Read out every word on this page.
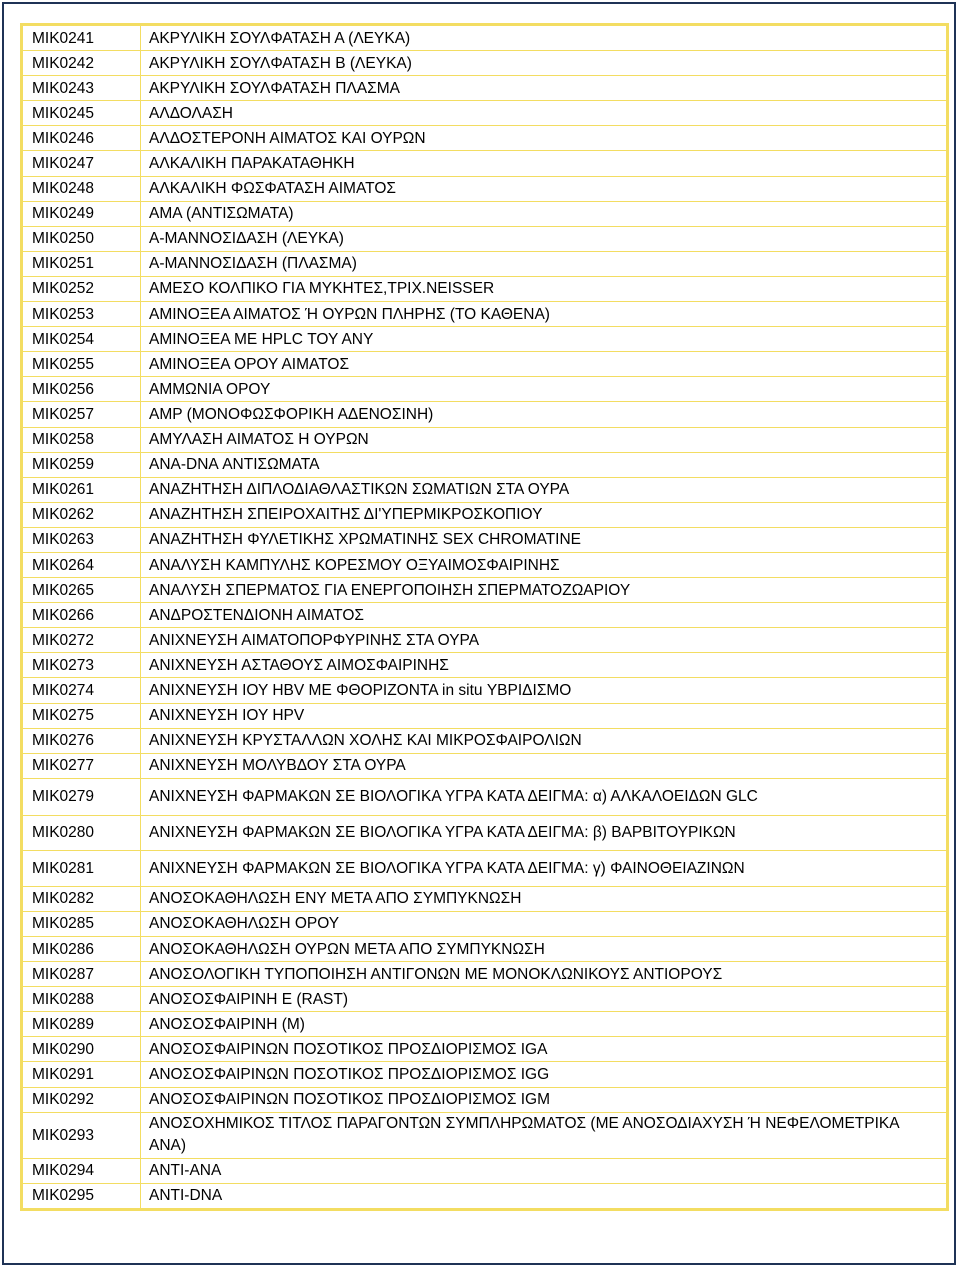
MIK0241	ΑΚΡΥΛΙΚΗ ΣΟΥΛΦΑΤΑΣΗ Α (ΛΕΥΚΑ)
MIK0242	ΑΚΡΥΛΙΚΗ ΣΟΥΛΦΑΤΑΣΗ Β (ΛΕΥΚΑ)
MIK0243	ΑΚΡΥΛΙΚΗ ΣΟΥΛΦΑΤΑΣΗ ΠΛΑΣΜΑ
MIK0245	ΑΛΔΟΛΑΣΗ
MIK0246	ΑΛΔΟΣΤΕΡΟΝΗ ΑΙΜΑΤΟΣ ΚΑΙ ΟΥΡΩΝ
MIK0247	ΑΛΚΑΛΙΚΗ ΠΑΡΑΚΑΤΑΘΗΚΗ
MIK0248	ΑΛΚΑΛΙΚΗ ΦΩΣΦΑΤΑΣΗ ΑΙΜΑΤΟΣ
MIK0249	ΑΜΑ (ΑΝΤΙΣΩΜΑΤΑ)
MIK0250	Α-ΜΑΝΝΟΣΙΔΑΣΗ (ΛΕΥΚΑ)
MIK0251	Α-ΜΑΝΝΟΣΙΔΑΣΗ (ΠΛΑΣΜΑ)
MIK0252	ΑΜΕΣΟ ΚΟΛΠΙΚΟ ΓΙΑ ΜΥΚΗΤΕΣ,ΤΡΙΧ.NEISSER
MIK0253	ΑΜΙΝΟΞΕΑ ΑΙΜΑΤΟΣ Ή ΟΥΡΩΝ ΠΛΗΡΗΣ (ΤΟ ΚΑΘΕΝΑ)
MIK0254	ΑΜΙΝΟΞΕΑ ΜΕ HPLC ΤΟΥ ΑΝΥ
MIK0255	ΑΜΙΝΟΞΕΑ ΟΡΟΥ ΑΙΜΑΤΟΣ
MIK0256	ΑΜΜΩΝΙΑ ΟΡΟΥ
MIK0257	AMP (ΜΟΝΟΦΩΣΦΟΡΙΚΗ ΑΔΕΝΟΣΙΝΗ)
MIK0258	ΑΜΥΛΑΣΗ ΑΙΜΑΤΟΣ Η ΟΥΡΩΝ
MIK0259	ΑΝΑ-DNA ΑΝΤΙΣΩΜΑΤΑ
MIK0261	ΑΝΑΖΗΤΗΣΗ ΔΙΠΛΟΔΙΑΘΛΑΣΤΙΚΩΝ ΣΩΜΑΤΙΩΝ ΣΤΑ ΟΥΡΑ
MIK0262	ΑΝΑΖΗΤΗΣΗ ΣΠΕΙΡΟΧΑΙΤΗΣ ΔΙ'ΥΠΕΡΜΙΚΡΟΣΚΟΠΙΟΥ
MIK0263	ΑΝΑΖΗΤΗΣΗ ΦΥΛΕΤΙΚΗΣ ΧΡΩΜΑΤΙΝΗΣ SEX CHROMATINE
MIK0264	ΑΝΑΛΥΣΗ ΚΑΜΠΥΛΗΣ ΚΟΡΕΣΜΟΥ ΟΞΥΑΙΜΟΣΦΑΙΡΙΝΗΣ
MIK0265	ΑΝΑΛΥΣΗ ΣΠΕΡΜΑΤΟΣ ΓΙΑ ΕΝΕΡΓΟΠΟΙΗΣΗ ΣΠΕΡΜΑΤΟΖΩΑΡΙΟΥ
MIK0266	ΑΝΔΡΟΣΤΕΝΔΙΟΝΗ ΑΙΜΑΤΟΣ
MIK0272	ΑΝΙΧΝΕΥΣΗ ΑΙΜΑΤΟΠΟΡΦΥΡΙΝΗΣ ΣΤΑ ΟΥΡΑ
MIK0273	ΑΝΙΧΝΕΥΣΗ ΑΣΤΑΘΟΥΣ ΑΙΜΟΣΦΑΙΡΙΝΗΣ
MIK0274	ΑΝΙΧΝΕΥΣΗ ΙΟΥ HBV ΜΕ ΦΘΟΡΙΖΟΝΤΑ in situ ΥΒΡΙΔΙΣΜΟ
MIK0275	ΑΝΙΧΝΕΥΣΗ ΙΟΥ HPV
MIK0276	ΑΝΙΧΝΕΥΣΗ ΚΡΥΣΤΑΛΛΩΝ ΧΟΛΗΣ ΚΑΙ ΜΙΚΡΟΣΦΑΙΡΟΛΙΩΝ
MIK0277	ΑΝΙΧΝΕΥΣΗ ΜΟΛΥΒΔΟΥ ΣΤΑ ΟΥΡΑ
MIK0279	ΑΝΙΧΝΕΥΣΗ ΦΑΡΜΑΚΩΝ ΣΕ ΒΙΟΛΟΓΙΚΑ ΥΓΡΑ ΚΑΤΑ ΔΕΙΓΜΑ: α) ΑΛΚΑΛΟΕΙΔΩΝ GLC
MIK0280	ΑΝΙΧΝΕΥΣΗ ΦΑΡΜΑΚΩΝ ΣΕ ΒΙΟΛΟΓΙΚΑ ΥΓΡΑ ΚΑΤΑ ΔΕΙΓΜΑ: β) ΒΑΡΒΙΤΟΥΡΙΚΩΝ
MIK0281	ΑΝΙΧΝΕΥΣΗ ΦΑΡΜΑΚΩΝ ΣΕ ΒΙΟΛΟΓΙΚΑ ΥΓΡΑ ΚΑΤΑ ΔΕΙΓΜΑ: γ) ΦΑΙΝΟΘΕΙΑΖΙΝΩΝ
MIK0282	ΑΝΟΣΟΚΑΘΗΛΩΣΗ ΕΝΥ ΜΕΤΑ ΑΠΟ ΣΥΜΠΥΚΝΩΣΗ
MIK0285	ΑΝΟΣΟΚΑΘΗΛΩΣΗ ΟΡΟΥ
MIK0286	ΑΝΟΣΟΚΑΘΗΛΩΣΗ ΟΥΡΩΝ ΜΕΤΑ ΑΠΟ ΣΥΜΠΥΚΝΩΣΗ
MIK0287	ΑΝΟΣΟΛΟΓΙΚΗ ΤΥΠΟΠΟΙΗΣΗ ΑΝΤΙΓΟΝΩΝ ΜΕ ΜΟΝΟΚΛΩΝΙΚΟΥΣ ΑΝΤΙΟΡΟΥΣ
MIK0288	ΑΝΟΣΟΣΦΑΙΡΙΝΗ Ε (RAST)
MIK0289	ΑΝΟΣΟΣΦΑΙΡΙΝΗ (Μ)
MIK0290	ΑΝΟΣΟΣΦΑΙΡΙΝΩΝ ΠΟΣΟΤΙΚΟΣ ΠΡΟΣΔΙΟΡΙΣΜΟΣ IGA
MIK0291	ΑΝΟΣΟΣΦΑΙΡΙΝΩΝ ΠΟΣΟΤΙΚΟΣ ΠΡΟΣΔΙΟΡΙΣΜΟΣ IGG
MIK0292	ΑΝΟΣΟΣΦΑΙΡΙΝΩΝ ΠΟΣΟΤΙΚΟΣ ΠΡΟΣΔΙΟΡΙΣΜΟΣ IGM
MIK0293	ΑΝΟΣΟΧΗΜΙΚΟΣ ΤΙΤΛΟΣ ΠΑΡΑΓΟΝΤΩΝ ΣΥΜΠΛΗΡΩΜΑΤΟΣ (ΜΕ ΑΝΟΣΟΔΙΑΧΥΣΗ Ή ΝΕΦΕΛΟΜΕΤΡΙΚΑ ΑΝΑ)
MIK0294	ΑΝΤΙ-ΑΝΑ
MIK0295	ΑΝΤΙ-DNA
